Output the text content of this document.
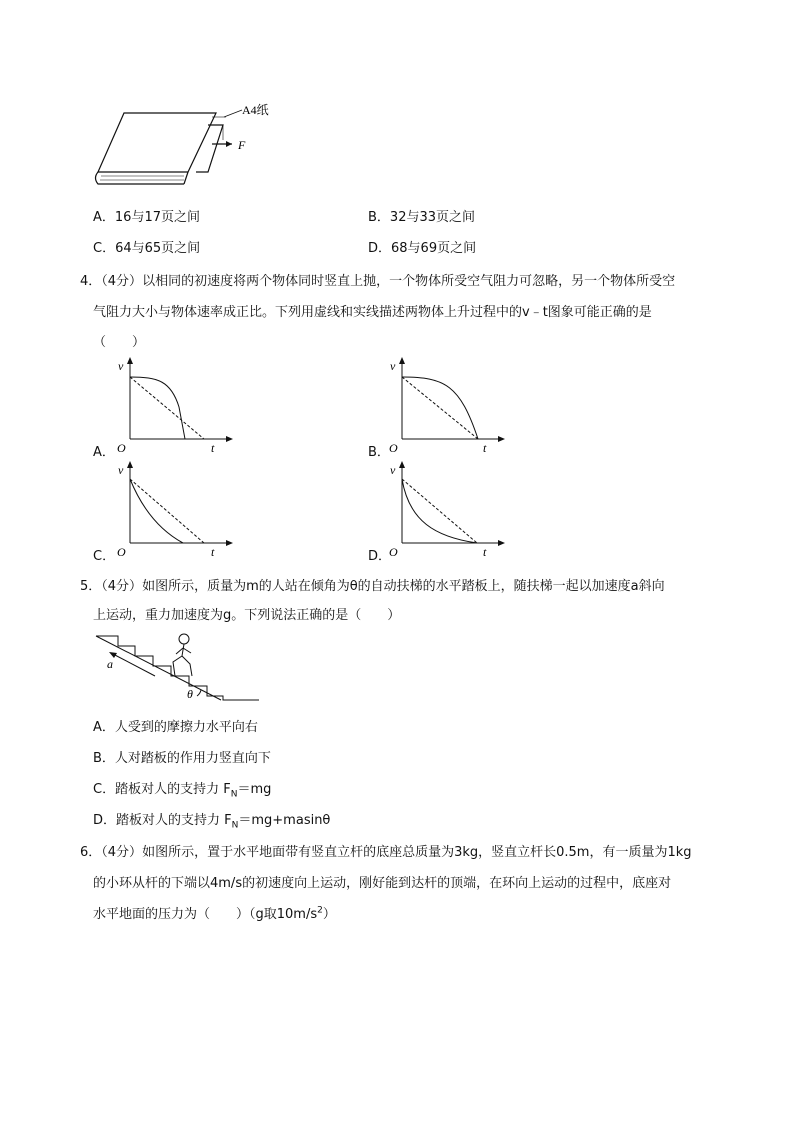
A4纸
F
A．16与17页之间	B．32与33页之间
C．64与65页之间	D．68与69页之间
4．（4分）以相同的初速度将两个物体同时竖直上抛，一个物体所受空气阻力可忽略，另一个物体所受空
气阻力大小与物体速率成正比。下列用虚线和实线描述两物体上升过程中的v﹣t图象可能正确的是
（　　）
v
t
O
A．
v
t
O
B．
v
t
O
C．
v
t
O
D．
5．（4分）如图所示，质量为m的人站在倾角为θ的自动扶梯的水平踏板上，随扶梯一起以加速度a斜向
上运动，重力加速度为g。下列说法正确的是（　　）
a
θ
A．人受到的摩擦力水平向右
B．人对踏板的作用力竖直向下
C．踏板对人的支持力 $F_N=mg$
D．踏板对人的支持力 $F_N=mg+masin\theta$
6．（4分）如图所示，置于水平地面带有竖直立杆的底座总质量为3kg，竖直立杆长0.5m，有一质量为1kg
的小环从杆的下端以4m/s的初速度向上运动，刚好能到达杆的顶端，在环向上运动的过程中，底座对
水平地面的压力为（　　）（g取$10m/s^2$）
